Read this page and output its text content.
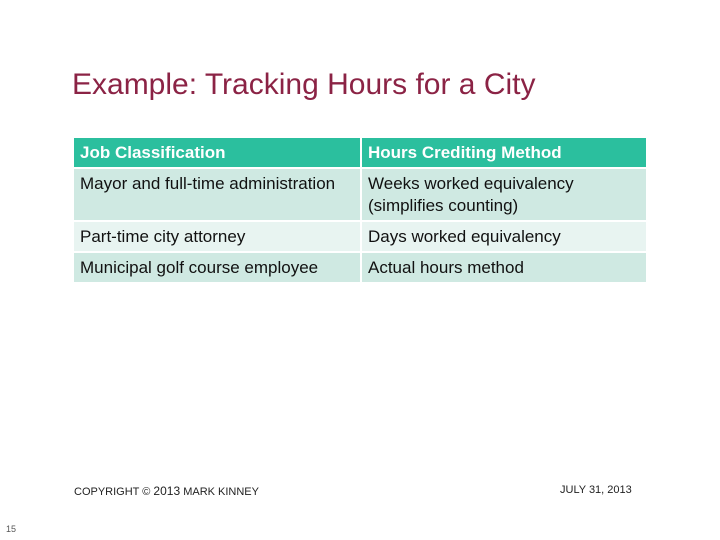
Example: Tracking Hours for a City
Job Classification	Hours Crediting Method
Mayor and full-time administration	Weeks worked equivalency (simplifies counting)
Part-time city attorney	Days worked equivalency
Municipal golf course employee	Actual hours method
COPYRIGHT © 2013 MARK KINNEY	JULY 31, 2013
15
